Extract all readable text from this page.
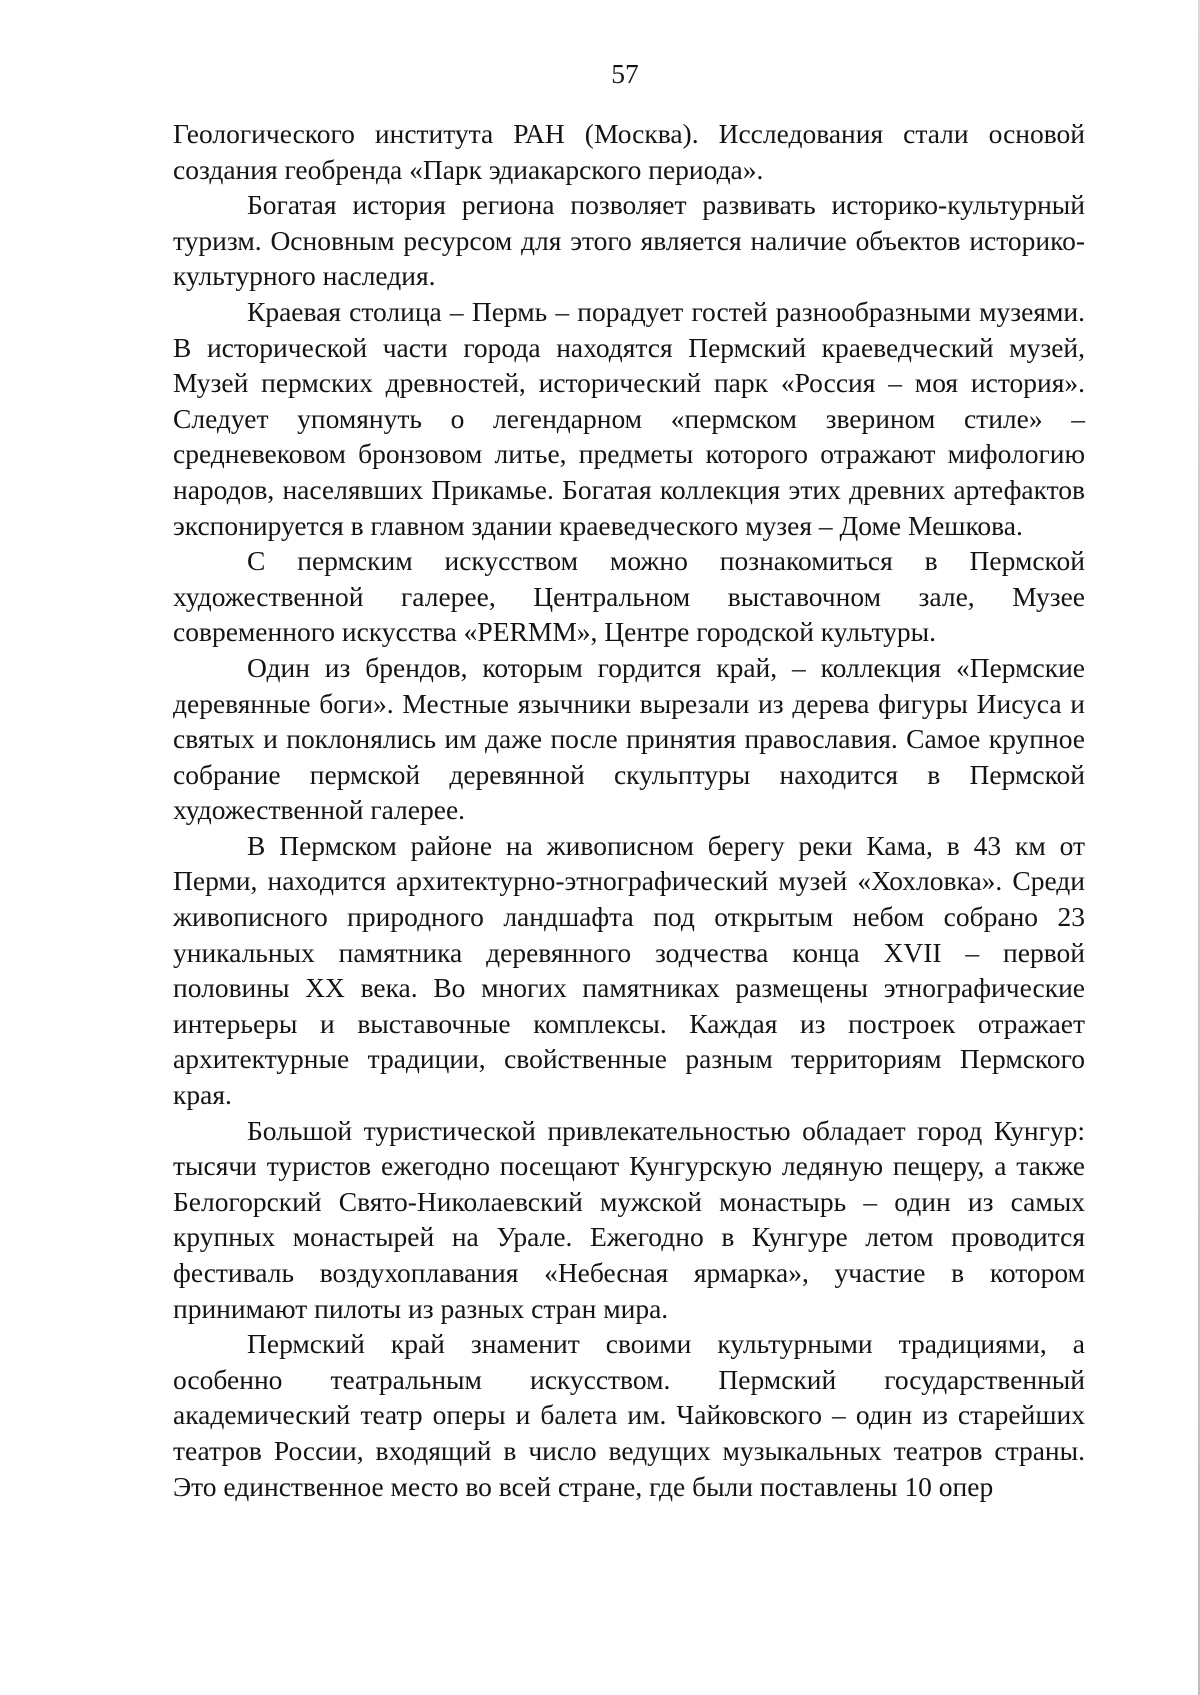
57

Геологического института РАН (Москва). Исследования стали основой создания геобренда «Парк эдиакарского периода».

Богатая история региона позволяет развивать историко-культурный туризм. Основным ресурсом для этого является наличие объектов историко-культурного наследия.

Краевая столица – Пермь – порадует гостей разнообразными музеями. В исторической части города находятся Пермский краеведческий музей, Музей пермских древностей, исторический парк «Россия – моя история». Следует упомянуть о легендарном «пермском зверином стиле» – средневековом бронзовом литье, предметы которого отражают мифологию народов, населявших Прикамье. Богатая коллекция этих древних артефактов экспонируется в главном здании краеведческого музея – Доме Мешкова.

С пермским искусством можно познакомиться в Пермской художественной галерее, Центральном выставочном зале, Музее современного искусства «PERMM», Центре городской культуры.

Один из брендов, которым гордится край, – коллекция «Пермские деревянные боги». Местные язычники вырезали из дерева фигуры Иисуса и святых и поклонялись им даже после принятия православия. Самое крупное собрание пермской деревянной скульптуры находится в Пермской художественной галерее.

В Пермском районе на живописном берегу реки Кама, в 43 км от Перми, находится архитектурно-этнографический музей «Хохловка». Среди живописного природного ландшафта под открытым небом собрано 23 уникальных памятника деревянного зодчества конца XVII – первой половины XX века. Во многих памятниках размещены этнографические интерьеры и выставочные комплексы. Каждая из построек отражает архитектурные традиции, свойственные разным территориям Пермского края.

Большой туристической привлекательностью обладает город Кунгур: тысячи туристов ежегодно посещают Кунгурскую ледяную пещеру, а также Белогорский Свято-Николаевский мужской монастырь – один из самых крупных монастырей на Урале. Ежегодно в Кунгуре летом проводится фестиваль воздухоплавания «Небесная ярмарка», участие в котором принимают пилоты из разных стран мира.

Пермский край знаменит своими культурными традициями, а особенно театральным искусством. Пермский государственный академический театр оперы и балета им. Чайковского – один из старейших театров России, входящий в число ведущих музыкальных театров страны. Это единственное место во всей стране, где были поставлены 10 опер
